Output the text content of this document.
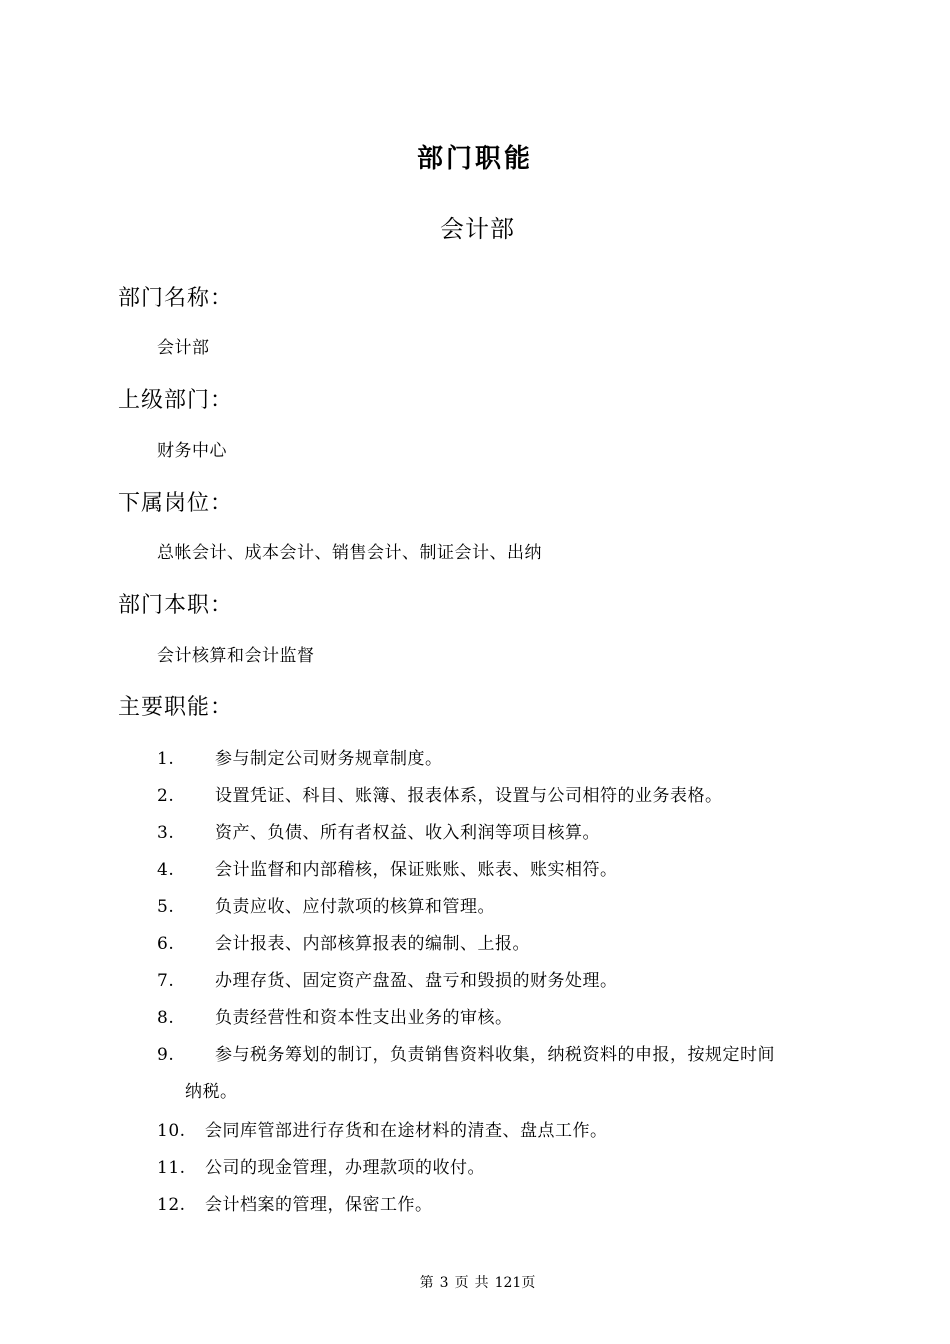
部门职能
会计部
部门名称：
会计部
上级部门：
财务中心
下属岗位：
总帐会计、成本会计、销售会计、制证会计、出纳
部门本职：
会计核算和会计监督
主要职能：
1. 参与制定公司财务规章制度。
2. 设置凭证、科目、账簿、报表体系，设置与公司相符的业务表格。
3. 资产、负债、所有者权益、收入利润等项目核算。
4. 会计监督和内部稽核，保证账账、账表、账实相符。
5. 负责应收、应付款项的核算和管理。
6. 会计报表、内部核算报表的编制、上报。
7. 办理存货、固定资产盘盈、盘亏和毁损的财务处理。
8. 负责经营性和资本性支出业务的审核。
9. 参与税务筹划的制订，负责销售资料收集，纳税资料的申报，按规定时间
纳税。
10. 会同库管部进行存货和在途材料的清查、盘点工作。
11. 公司的现金管理，办理款项的收付。
12. 会计档案的管理，保密工作。
第 3 页 共 121页
